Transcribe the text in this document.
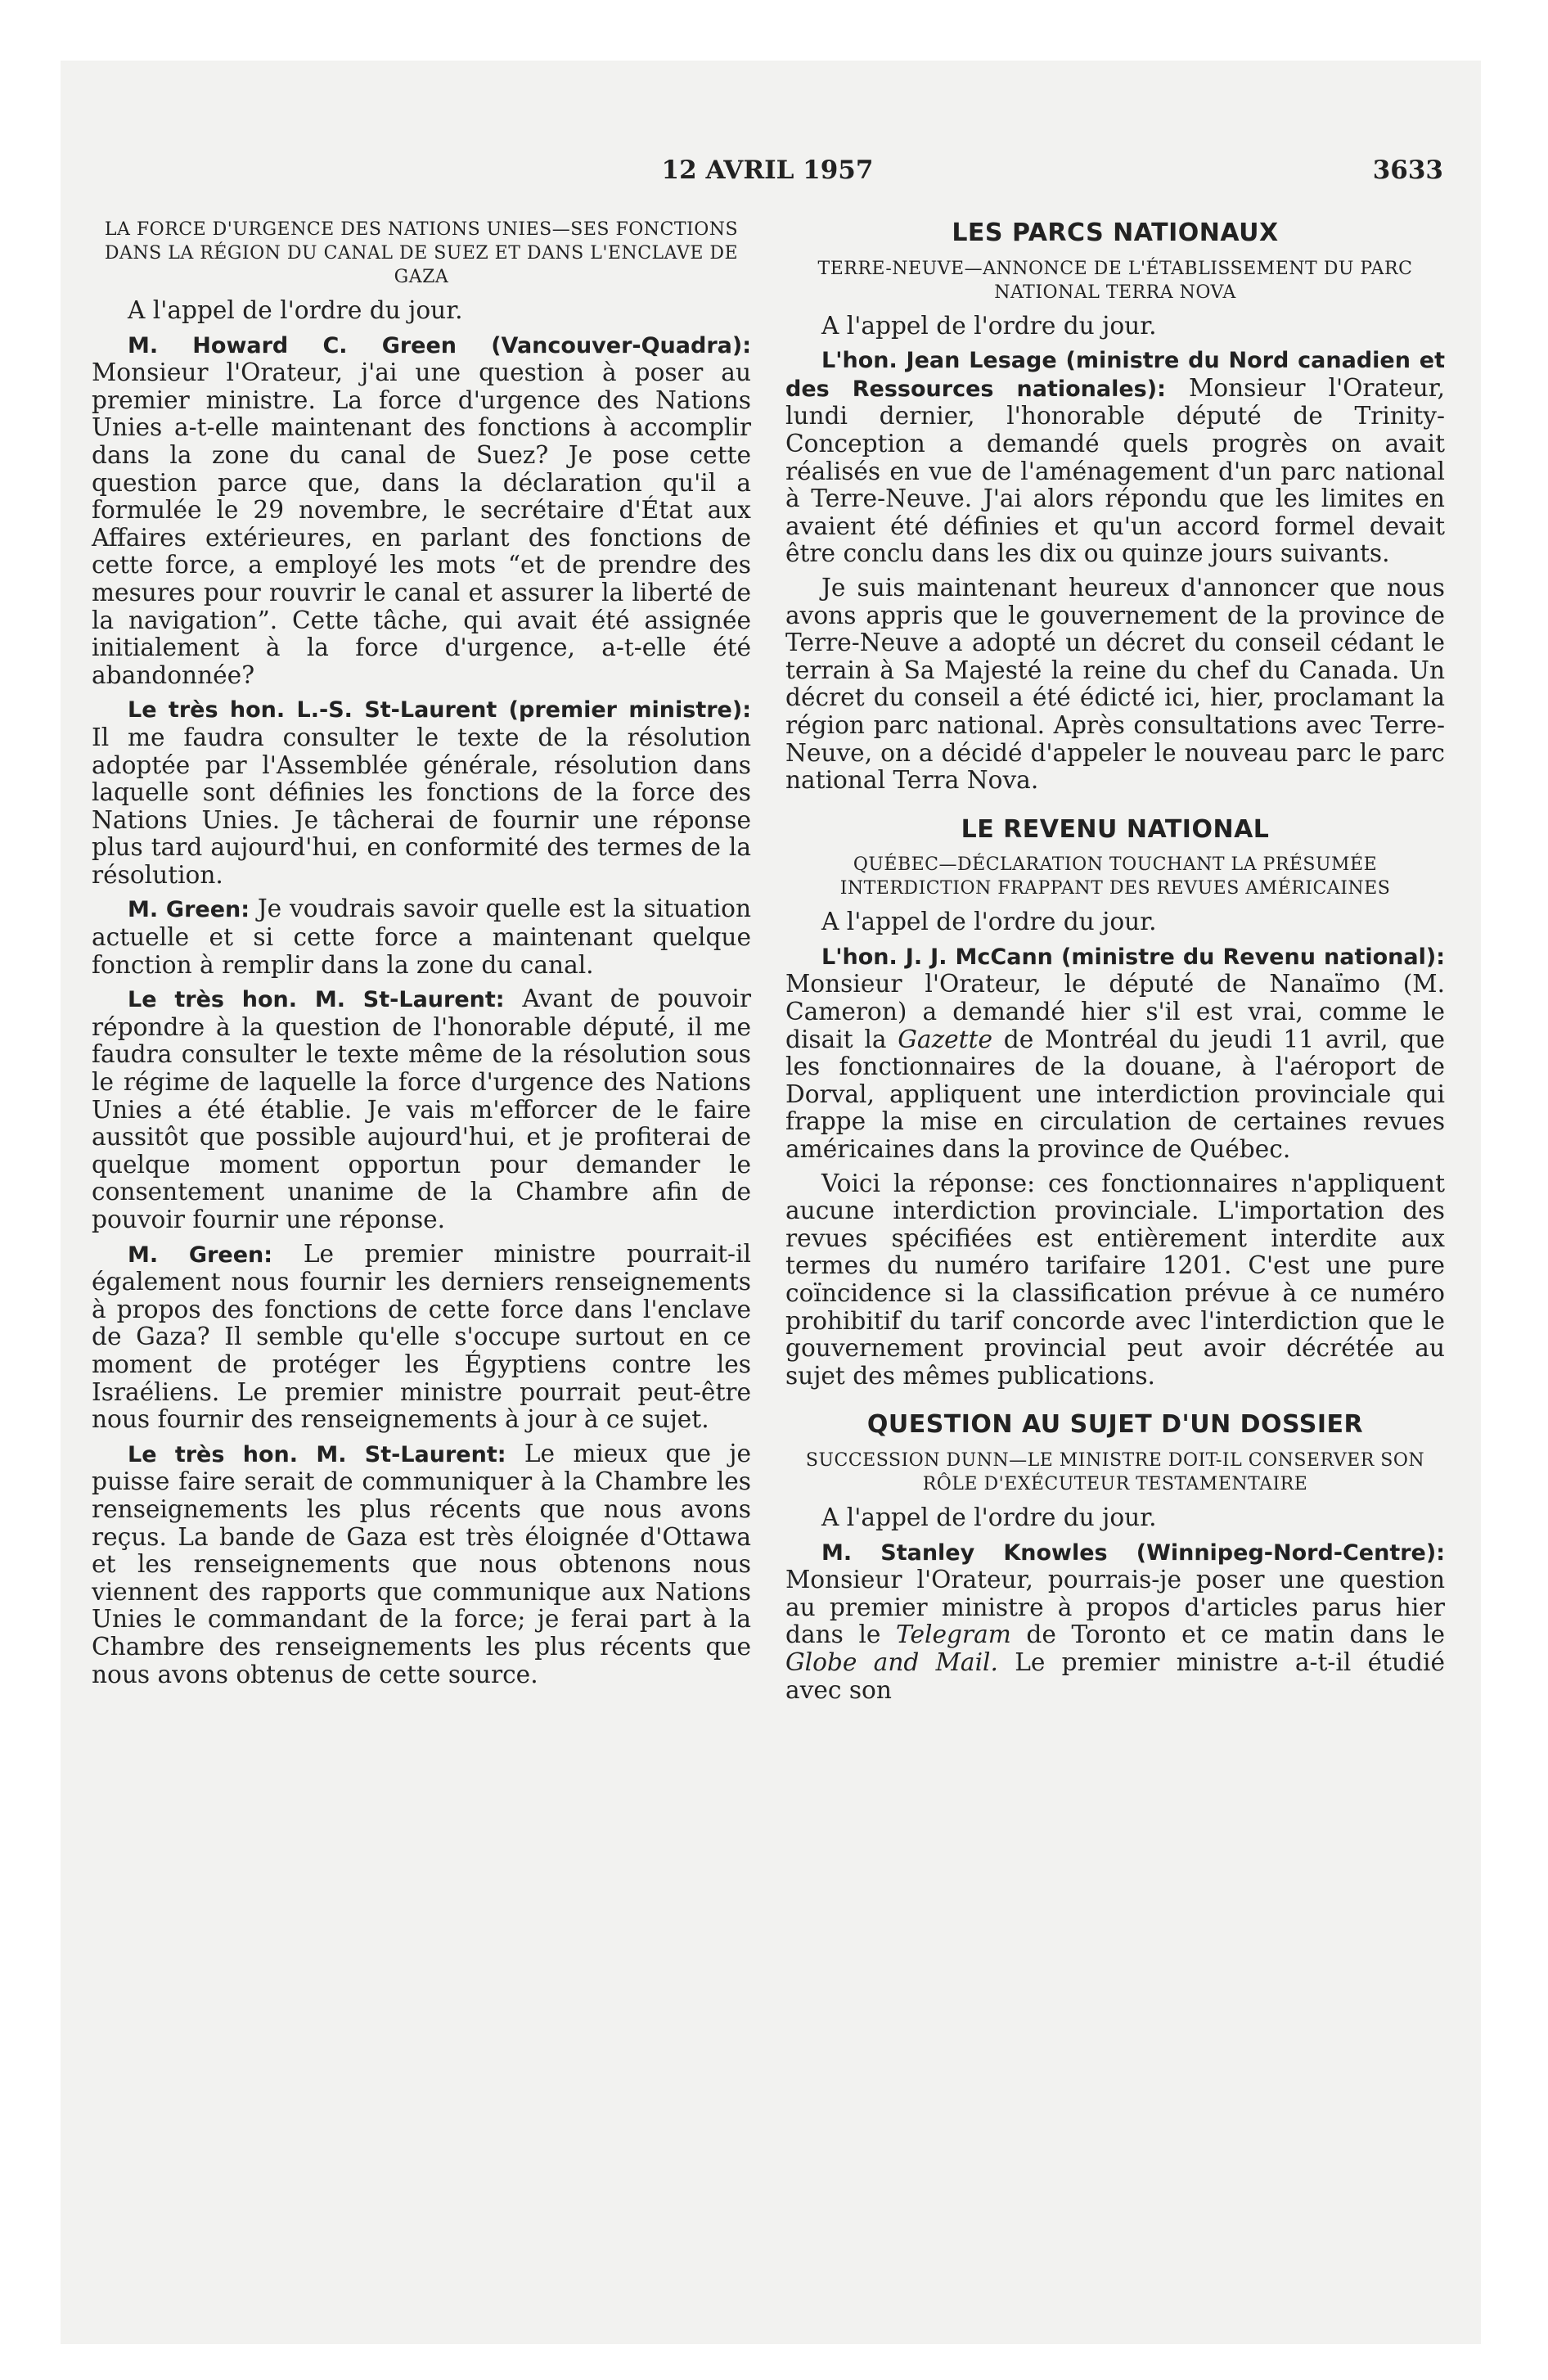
12 AVRIL 1957	3633
LA FORCE D'URGENCE DES NATIONS UNIES—SES FONCTIONS DANS LA RÉGION DU CANAL DE SUEZ ET DANS L'ENCLAVE DE GAZA

A l'appel de l'ordre du jour.

M. Howard C. Green (Vancouver-Quadra): Monsieur l'Orateur, j'ai une question à poser au premier ministre. La force d'urgence des Nations Unies a-t-elle maintenant des fonctions à accomplir dans la zone du canal de Suez? Je pose cette question parce que, dans la déclaration qu'il a formulée le 29 novembre, le secrétaire d'État aux Affaires extérieures, en parlant des fonctions de cette force, a employé les mots “et de prendre des mesures pour rouvrir le canal et assurer la liberté de la navigation”. Cette tâche, qui avait été assignée initialement à la force d'urgence, a-t-elle été abandonnée?

Le très hon. L.-S. St-Laurent (premier ministre): Il me faudra consulter le texte de la résolution adoptée par l'Assemblée générale, résolution dans laquelle sont définies les fonctions de la force des Nations Unies. Je tâcherai de fournir une réponse plus tard aujourd'hui, en conformité des termes de la résolution.

M. Green: Je voudrais savoir quelle est la situation actuelle et si cette force a maintenant quelque fonction à remplir dans la zone du canal.

Le très hon. M. St-Laurent: Avant de pouvoir répondre à la question de l'honorable député, il me faudra consulter le texte même de la résolution sous le régime de laquelle la force d'urgence des Nations Unies a été établie. Je vais m'efforcer de le faire aussitôt que possible aujourd'hui, et je profiterai de quelque moment opportun pour demander le consentement unanime de la Chambre afin de pouvoir fournir une réponse.

M. Green: Le premier ministre pourrait-il également nous fournir les derniers renseignements à propos des fonctions de cette force dans l'enclave de Gaza? Il semble qu'elle s'occupe surtout en ce moment de protéger les Égyptiens contre les Israéliens. Le premier ministre pourrait peut-être nous fournir des renseignements à jour à ce sujet.

Le très hon. M. St-Laurent: Le mieux que je puisse faire serait de communiquer à la Chambre les renseignements les plus récents que nous avons reçus. La bande de Gaza est très éloignée d'Ottawa et les renseignements que nous obtenons nous viennent des rapports que communique aux Nations Unies le commandant de la force; je ferai part à la Chambre des renseignements les plus récents que nous avons obtenus de cette source.

LES PARCS NATIONAUX
TERRE-NEUVE—ANNONCE DE L'ÉTABLISSEMENT DU PARC NATIONAL TERRA NOVA

A l'appel de l'ordre du jour.

L'hon. Jean Lesage (ministre du Nord canadien et des Ressources nationales): Monsieur l'Orateur, lundi dernier, l'honorable député de Trinity-Conception a demandé quels progrès on avait réalisés en vue de l'aménagement d'un parc national à Terre-Neuve. J'ai alors répondu que les limites en avaient été définies et qu'un accord formel devait être conclu dans les dix ou quinze jours suivants.

Je suis maintenant heureux d'annoncer que nous avons appris que le gouvernement de la province de Terre-Neuve a adopté un décret du conseil cédant le terrain à Sa Majesté la reine du chef du Canada. Un décret du conseil a été édicté ici, hier, proclamant la région parc national. Après consultations avec Terre-Neuve, on a décidé d'appeler le nouveau parc le parc national Terra Nova.

LE REVENU NATIONAL
QUÉBEC—DÉCLARATION TOUCHANT LA PRÉSUMÉE INTERDICTION FRAPPANT DES REVUES AMÉRICAINES

A l'appel de l'ordre du jour.

L'hon. J. J. McCann (ministre du Revenu national): Monsieur l'Orateur, le député de Nanaïmo (M. Cameron) a demandé hier s'il est vrai, comme le disait la Gazette de Montréal du jeudi 11 avril, que les fonctionnaires de la douane, à l'aéroport de Dorval, appliquent une interdiction provinciale qui frappe la mise en circulation de certaines revues américaines dans la province de Québec.

Voici la réponse: ces fonctionnaires n'appliquent aucune interdiction provinciale. L'importation des revues spécifiées est entièrement interdite aux termes du numéro tarifaire 1201. C'est une pure coïncidence si la classification prévue à ce numéro prohibitif du tarif concorde avec l'interdiction que le gouvernement provincial peut avoir décrétée au sujet des mêmes publications.

QUESTION AU SUJET D'UN DOSSIER
SUCCESSION DUNN—LE MINISTRE DOIT-IL CONSERVER SON RÔLE D'EXÉCUTEUR TESTAMENTAIRE

A l'appel de l'ordre du jour.

M. Stanley Knowles (Winnipeg-Nord-Centre): Monsieur l'Orateur, pourrais-je poser une question au premier ministre à propos d'articles parus hier dans le Telegram de Toronto et ce matin dans le Globe and Mail. Le premier ministre a-t-il étudié avec son
